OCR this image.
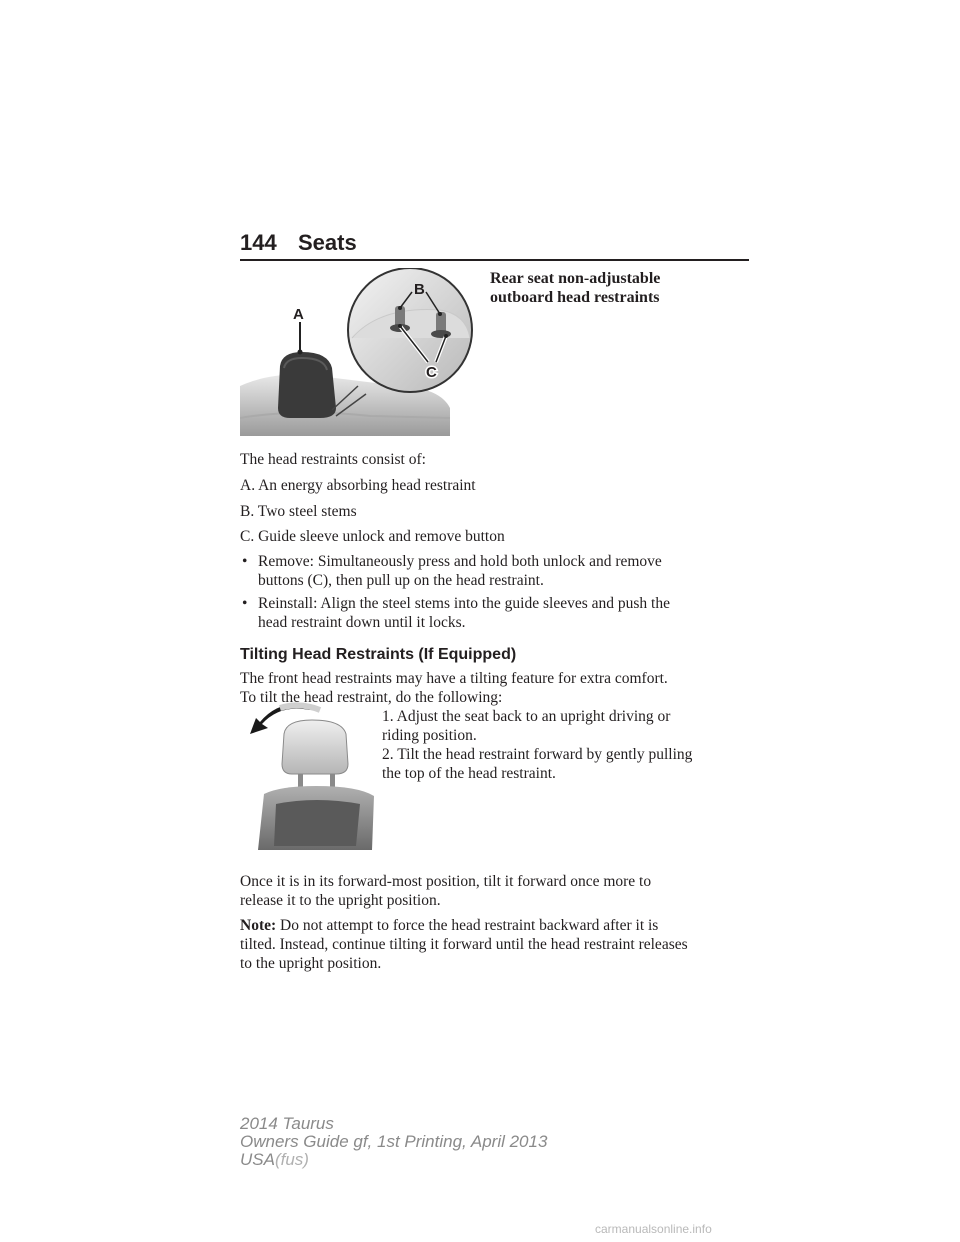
144 Seats
A
B
C
Rear seat non-adjustable
outboard head restraints
The head restraints consist of:
A. An energy absorbing head restraint
B. Two steel stems
C. Guide sleeve unlock and remove button
• Remove: Simultaneously press and hold both unlock and remove
buttons (C), then pull up on the head restraint.
• Reinstall: Align the steel stems into the guide sleeves and push the
head restraint down until it locks.
Tilting Head Restraints (If Equipped)
The front head restraints may have a tilting feature for extra comfort.
To tilt the head restraint, do the following:
1. Adjust the seat back to an upright driving or
riding position.
2. Tilt the head restraint forward by gently pulling
the top of the head restraint.
Once it is in its forward-most position, tilt it forward once more to
release it to the upright position.
Note: Do not attempt to force the head restraint backward after it is
tilted. Instead, continue tilting it forward until the head restraint releases
to the upright position.
2014 Taurus
Owners Guide gf, 1st Printing, April 2013
USA(fus)
carmanualsonline.info
